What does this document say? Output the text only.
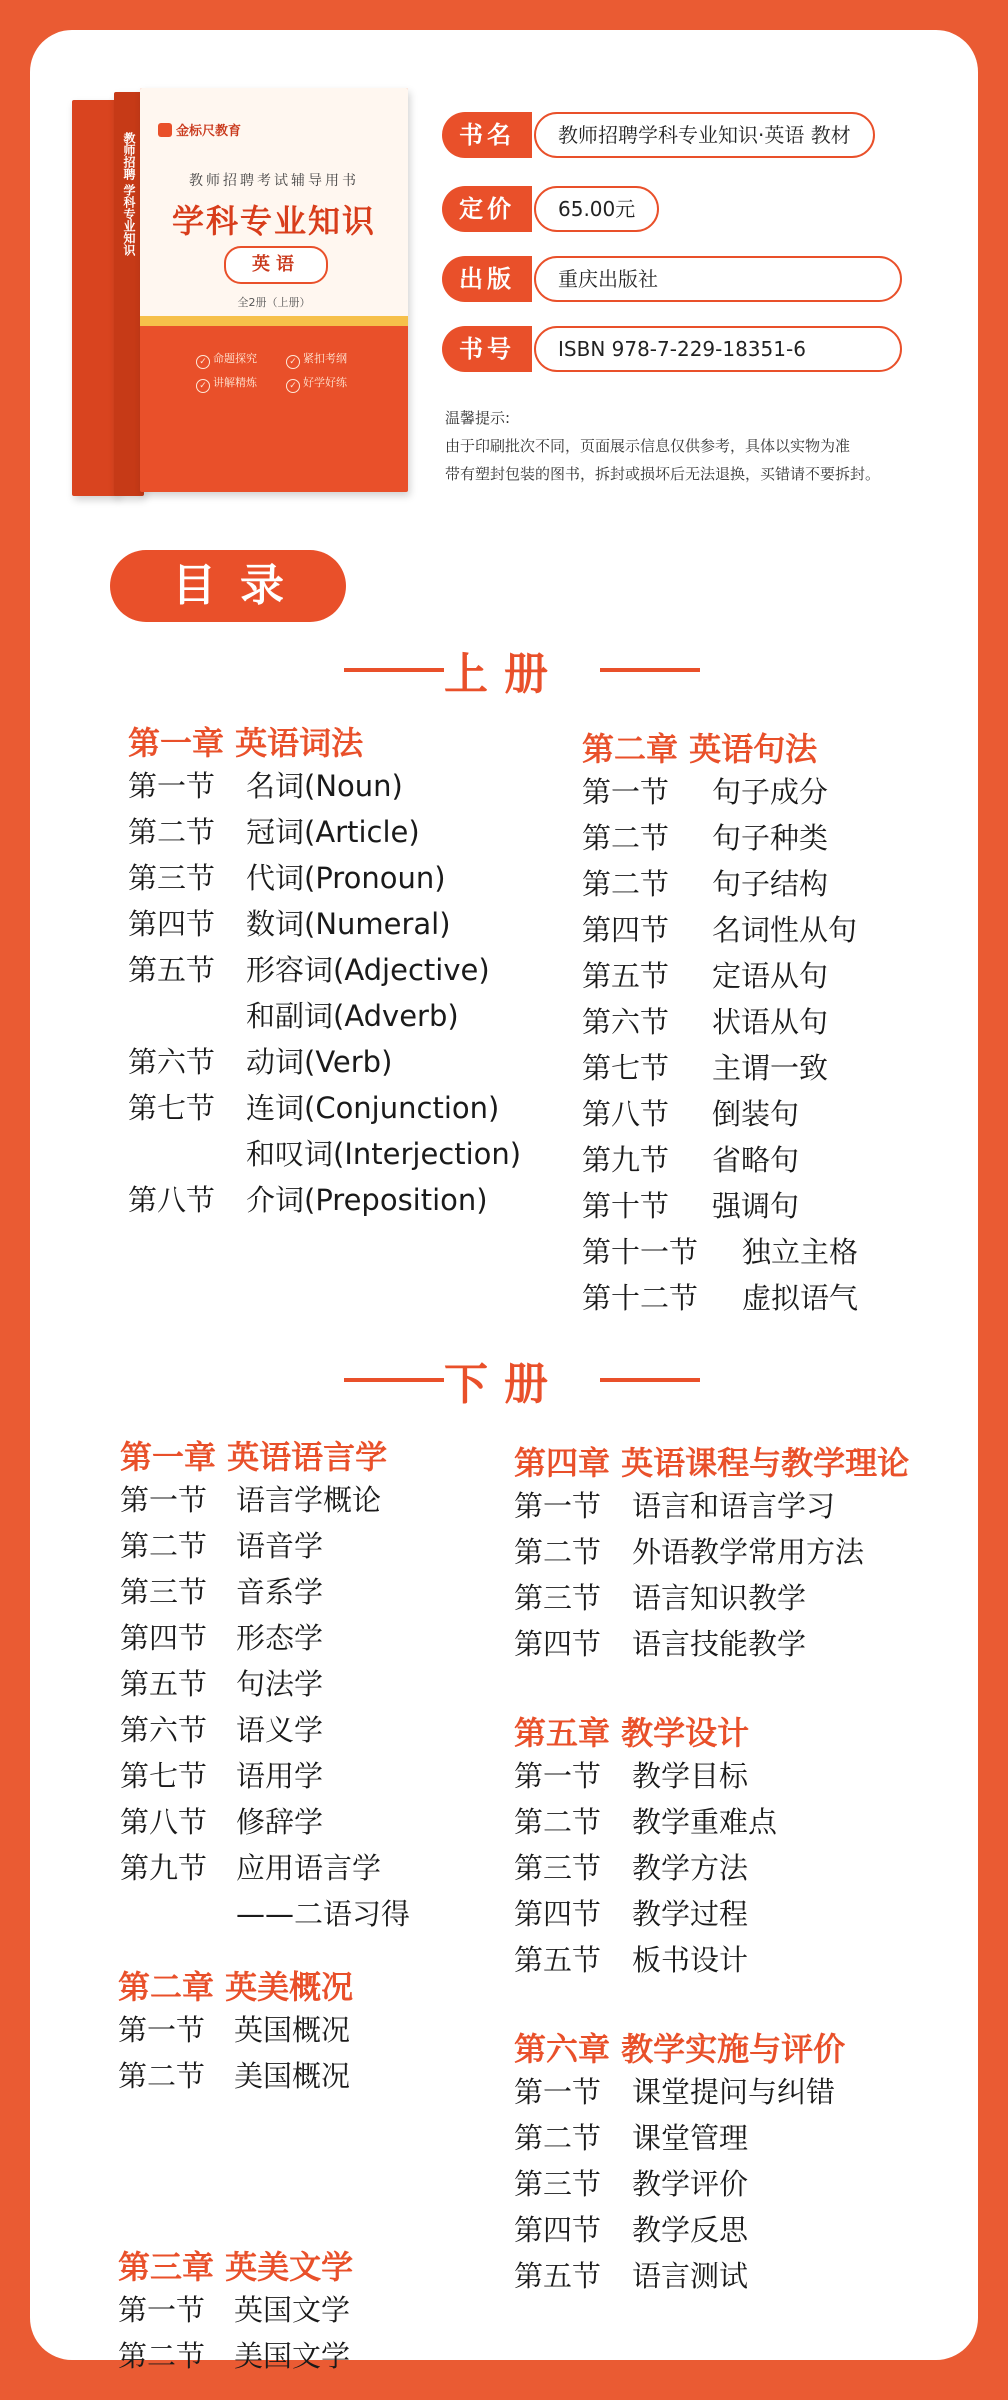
教师招聘 学科专业知识
金标尺教育
教师招聘考试辅导用书
学科专业知识
英语
全2册（上册）
✓ 命题探究	✓ 紧扣考纲
✓ 讲解精炼	✓ 好学好练
书名	教师招聘学科专业知识·英语 教材
定价	65.00元
出版	重庆出版社
书号	ISBN 978-7-229-18351-6
温馨提示:
由于印刷批次不同，页面展示信息仅供参考，具体以实物为准
带有塑封包装的图书，拆封或损坏后无法退换，买错请不要拆封。
目录
上册
下册
第一章 英语词法
第一节 名词(Noun)
第二节 冠词(Article)
第三节 代词(Pronoun)
第四节 数词(Numeral)
第五节 形容词(Adjective)
和副词(Adverb)
第六节 动词(Verb)
第七节 连词(Conjunction)
和叹词(Interjection)
第八节 介词(Preposition)
第二章 英语句法
第一节 句子成分
第二节 句子种类
第二节 句子结构
第四节 名词性从句
第五节 定语从句
第六节 状语从句
第七节 主谓一致
第八节 倒装句
第九节 省略句
第十节 强调句
第十一节 独立主格
第十二节 虚拟语气
第一章 英语语言学
第一节 语言学概论
第二节 语音学
第三节 音系学
第四节 形态学
第五节 句法学
第六节 语义学
第七节 语用学
第八节 修辞学
第九节 应用语言学
——二语习得
第二章 英美概况
第一节 英国概况
第二节 美国概况
第三章 英美文学
第一节 英国文学
第二节 美国文学
第四章 英语课程与教学理论
第一节 语言和语言学习
第二节 外语教学常用方法
第三节 语言知识教学
第四节 语言技能教学
第五章 教学设计
第一节 教学目标
第二节 教学重难点
第三节 教学方法
第四节 教学过程
第五节 板书设计
第六章 教学实施与评价
第一节 课堂提问与纠错
第二节 课堂管理
第三节 教学评价
第四节 教学反思
第五节 语言测试
